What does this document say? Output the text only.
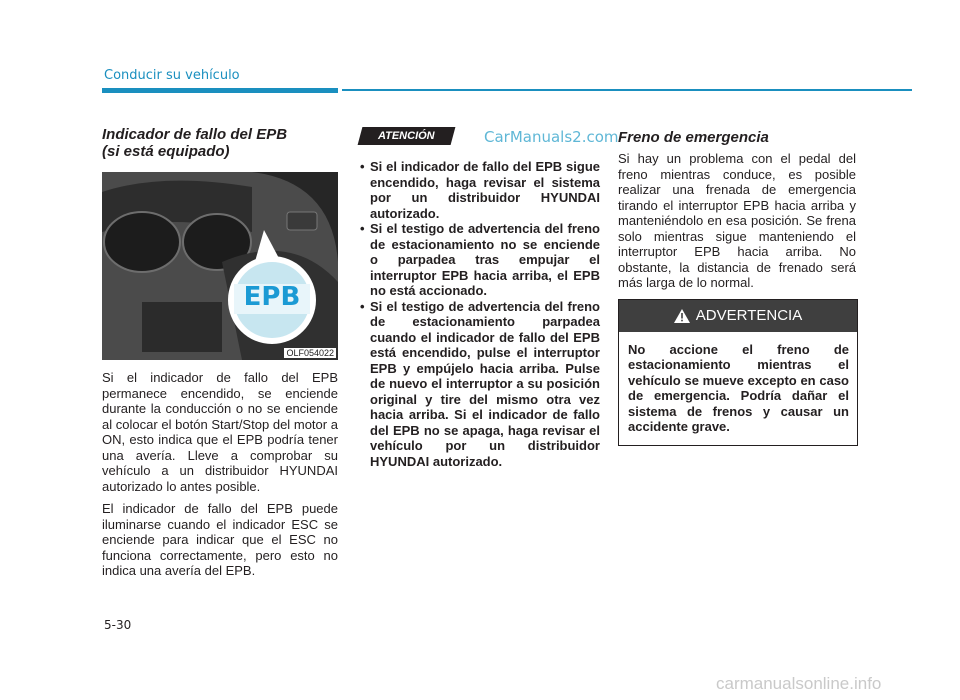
Conducir su vehículo
Indicador de fallo del EPB
(si está equipado)
EPB
OLF054022

Si el indicador de fallo del EPB permanece encendido, se enciende durante la conducción o no se enciende al colocar el botón Start/Stop del motor a ON, esto indica que el EPB podría tener una avería. Lleve a comprobar su vehículo a un distribuidor HYUNDAI autorizado lo antes posible.

El indicador de fallo del EPB puede iluminarse cuando el indicador ESC se enciende para indicar que el ESC no funciona correctamente, pero esto no indica una avería del EPB.

ATENCIÓN
• Si el indicador de fallo del EPB sigue encendido, haga revisar el sistema por un distribuidor HYUNDAI autorizado.
• Si el testigo de advertencia del freno de estacionamiento no se enciende o parpadea tras empujar el interruptor EPB hacia arriba, el EPB no está accionado.
• Si el testigo de advertencia del freno de estacionamiento parpadea cuando el indicador de fallo del EPB está encendido, pulse el interruptor EPB y empújelo hacia arriba. Pulse de nuevo el interruptor a su posición original y tire del mismo otra vez hacia arriba. Si el indicador de fallo del EPB no se apaga, haga revisar el vehículo por un distribuidor HYUNDAI autorizado.
CarManuals2.com Freno de emergencia

Si hay un problema con el pedal del freno mientras conduce, es posible realizar una frenada de emergencia tirando el interruptor EPB hacia arriba y manteniéndolo en esa posición. Se frena solo mientras sigue manteniendo el interruptor EPB hacia arriba. No obstante, la distancia de frenado será más larga de lo normal.

ADVERTENCIA
No accione el freno de estacionamiento mientras el vehículo se mueve excepto en caso de emergencia. Podría dañar el sistema de frenos y causar un accidente grave.
5-30
carmanualsonline.info
